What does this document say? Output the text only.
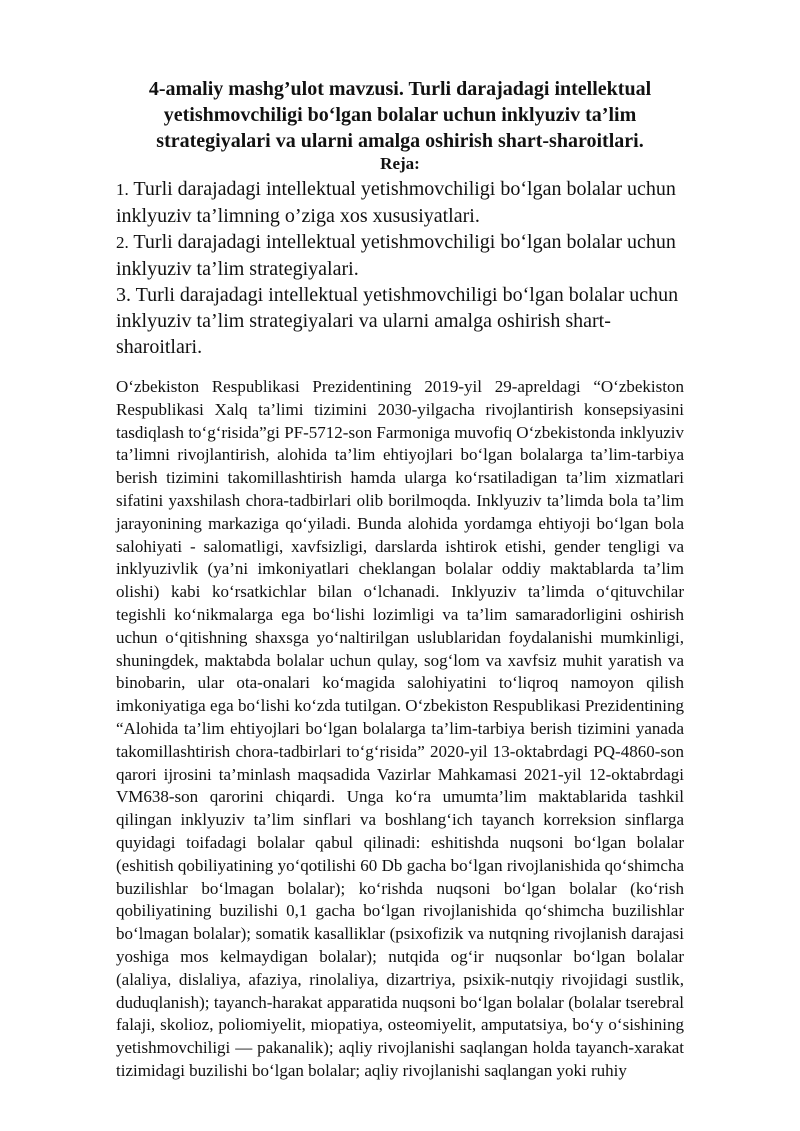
4-amaliy mashg’ulot mavzusi. Turli darajadagi intellektual yetishmovchiligi bo‘lgan bolalar uchun inklyuziv ta’lim strategiyalari va ularni amalga oshirish shart-sharoitlari.
Reja:
1. Turli darajadagi intellektual yetishmovchiligi bo‘lgan bolalar uchun inklyuziv ta’limning o’ziga xos xususiyatlari.
2. Turli darajadagi intellektual yetishmovchiligi bo‘lgan bolalar uchun inklyuziv ta’lim strategiyalari.
3. Turli darajadagi intellektual yetishmovchiligi bo‘lgan bolalar uchun inklyuziv ta’lim strategiyalari va ularni amalga oshirish shart-sharoitlari.

O‘zbekiston Respublikasi Prezidentining 2019-yil 29-apreldagi “O‘zbekiston Respublikasi Xalq ta’limi tizimini 2030-yilgacha rivojlantirish konsepsiyasini tasdiqlash to‘g‘risida”gi PF-5712-son Farmoniga muvofiq O‘zbekistonda inklyuziv ta’limni rivojlantirish, alohida ta’lim ehtiyojlari bo‘lgan bolalarga ta’lim-tarbiya berish tizimini takomillashtirish hamda ularga ko‘rsatiladigan ta’lim xizmatlari sifatini yaxshilash chora-tadbirlari olib borilmoqda. Inklyuziv ta’limda bola ta’lim jarayonining markaziga qo‘yiladi. Bunda alohida yordamga ehtiyoji bo‘lgan bola salohiyati - salomatligi, xavfsizligi, darslarda ishtirok etishi, gender tengligi va inklyuzivlik (ya’ni imkoniyatlari cheklangan bolalar oddiy maktablarda ta’lim olishi) kabi ko‘rsatkichlar bilan o‘lchanadi. Inklyuziv ta’limda o‘qituvchilar tegishli ko‘nikmalarga ega bo‘lishi lozimligi va ta’lim samaradorligini oshirish uchun o‘qitishning shaxsga yo‘naltirilgan uslublaridan foydalanishi mumkinligi, shuningdek, maktabda bolalar uchun qulay, sog‘lom va xavfsiz muhit yaratish va binobarin, ular ota-onalari ko‘magida salohiyatini to‘liqroq namoyon qilish imkoniyatiga ega bo‘lishi ko‘zda tutilgan. O‘zbekiston Respublikasi Prezidentining “Alohida ta’lim ehtiyojlari bo‘lgan bolalarga ta’lim-tarbiya berish tizimini yanada takomillashtirish chora-tadbirlari to‘g‘risida” 2020-yil 13-oktabrdagi PQ-4860-son qarori ijrosini ta’minlash maqsadida Vazirlar Mahkamasi 2021-yil 12-oktabrdagi VM638-son qarorini chiqardi. Unga ko‘ra umumta’lim maktablarida tashkil qilingan inklyuziv ta’lim sinflari va boshlang‘ich tayanch korreksion sinflarga quyidagi toifadagi bolalar qabul qilinadi: eshitishda nuqsoni bo‘lgan bolalar (eshitish qobiliyatining yo‘qotilishi 60 Db gacha bo‘lgan rivojlanishida qo‘shimcha buzilishlar bo‘lmagan bolalar); ko‘rishda nuqsoni bo‘lgan bolalar (ko‘rish qobiliyatining buzilishi 0,1 gacha bo‘lgan rivojlanishida qo‘shimcha buzilishlar bo‘lmagan bolalar); somatik kasalliklar (psixofizik va nutqning rivojlanish darajasi yoshiga mos kelmaydigan bolalar); nutqida og‘ir nuqsonlar bo‘lgan bolalar (alaliya, dislaliya, afaziya, rinolaliya, dizartriya, psixik-nutqiy rivojidagi sustlik, duduqlanish); tayanch-harakat apparatida nuqsoni bo‘lgan bolalar (bolalar tserebral falaji, skolioz, poliomiyelit, miopatiya, osteomiyelit, amputatsiya, bo‘y o‘sishining yetishmovchiligi — pakanalik); aqliy rivojlanishi saqlangan holda tayanch-xarakat tizimidagi buzilishi bo‘lgan bolalar; aqliy rivojlanishi saqlangan yoki ruhiy
